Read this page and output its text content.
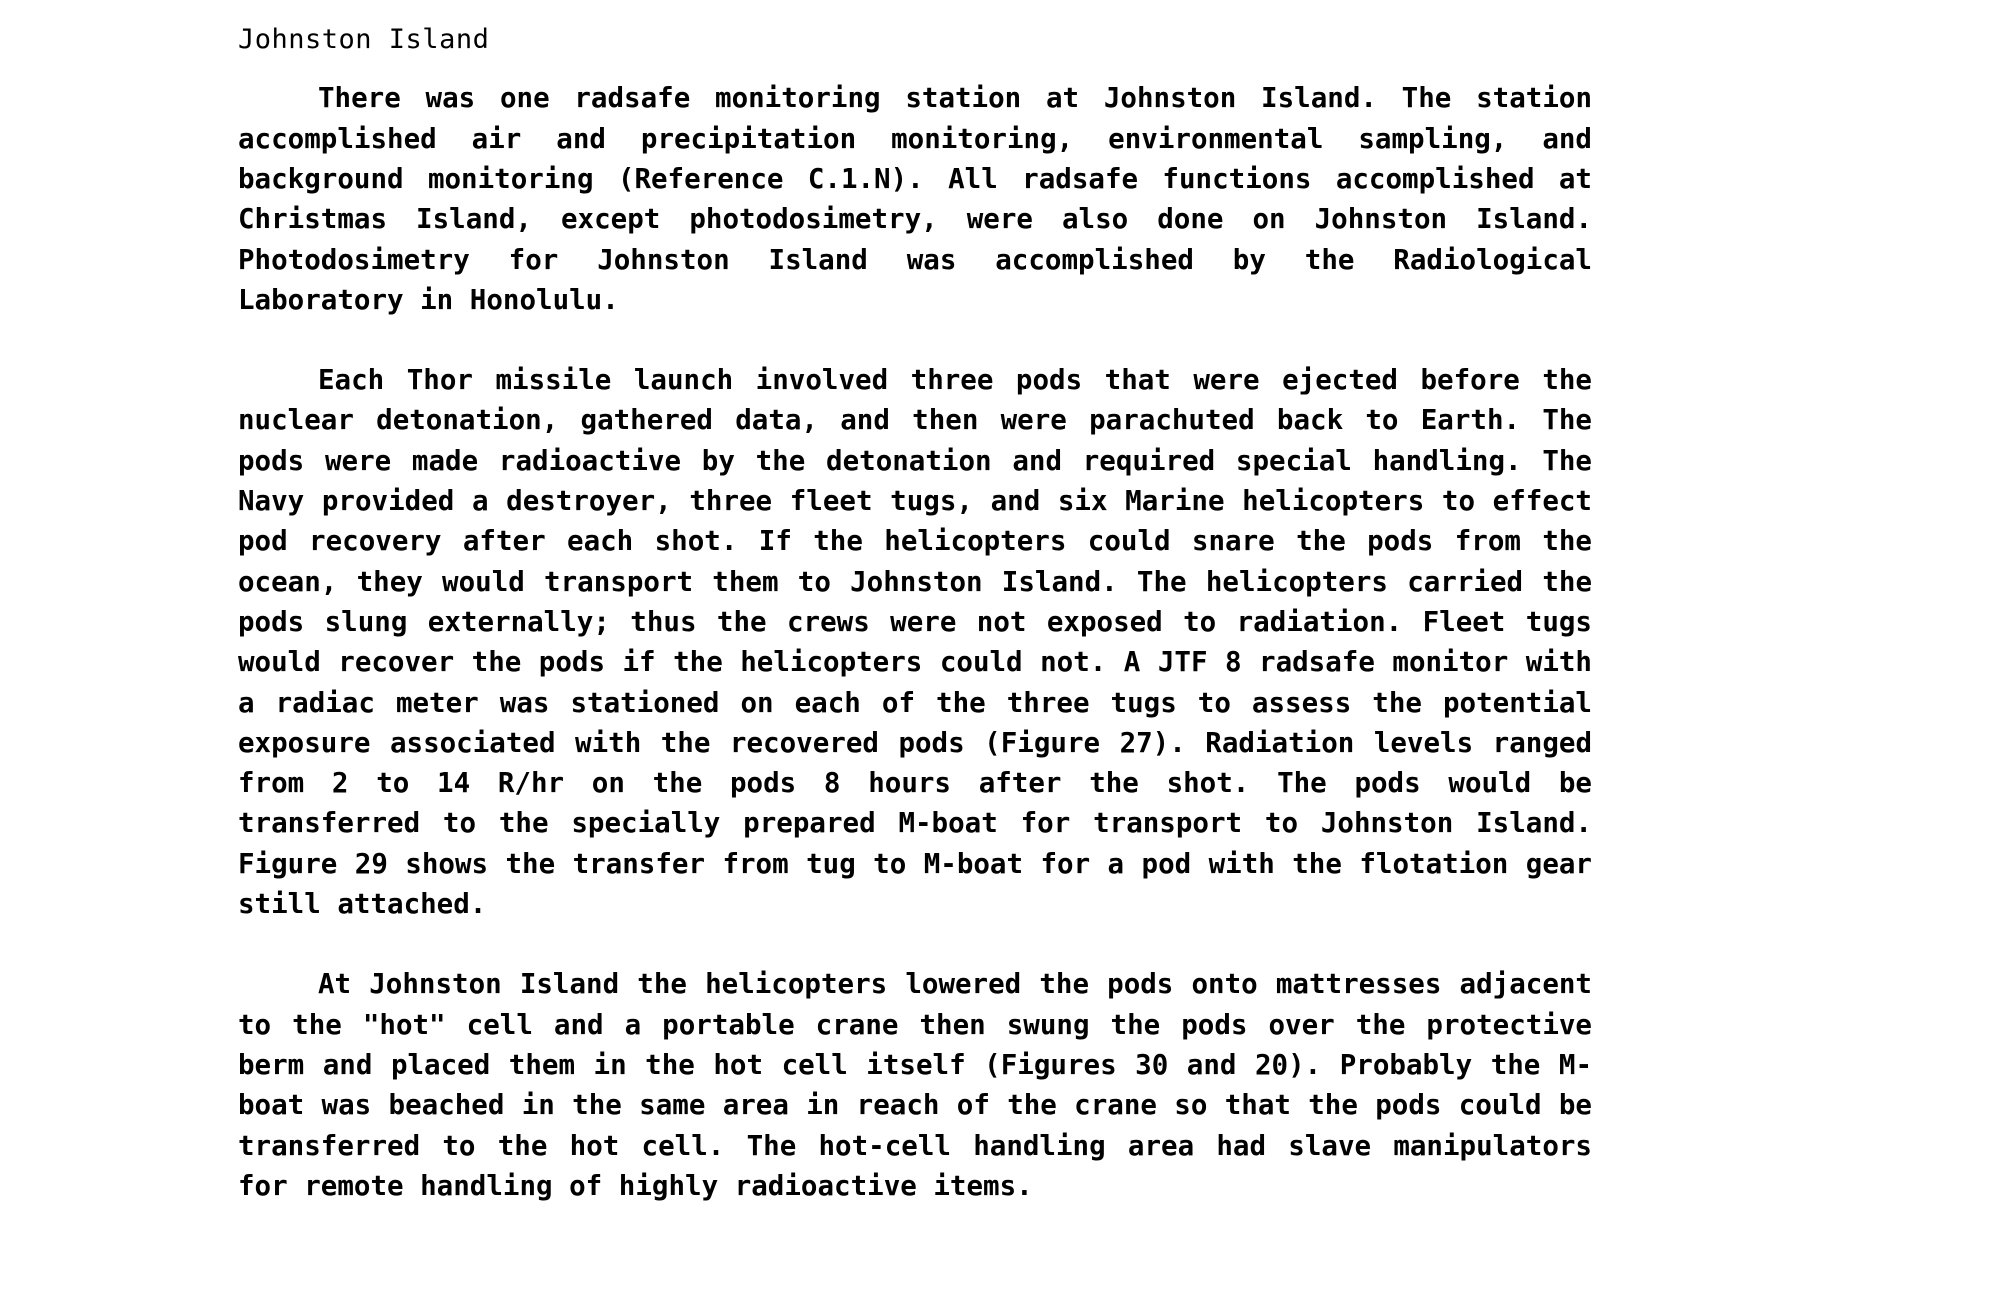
Johnston Island

There was one radsafe monitoring station at Johnston Island. The station accomplished air and precipitation monitoring, environmental sampling, and background monitoring (Reference C.1.N). All radsafe functions accomplished at Christmas Island, except photodosimetry, were also done on Johnston Island. Photodosimetry for Johnston Island was accomplished by the Radiological Laboratory in Honolulu.

Each Thor missile launch involved three pods that were ejected before the nuclear detonation, gathered data, and then were parachuted back to Earth. The pods were made radioactive by the detonation and required special handling. The Navy provided a destroyer, three fleet tugs, and six Marine helicopters to effect pod recovery after each shot. If the helicopters could snare the pods from the ocean, they would transport them to Johnston Island. The helicopters carried the pods slung externally; thus the crews were not exposed to radiation. Fleet tugs would recover the pods if the helicopters could not. A JTF 8 radsafe monitor with a radiac meter was stationed on each of the three tugs to assess the potential exposure associated with the recovered pods (Figure 27). Radiation levels ranged from 2 to 14 R/hr on the pods 8 hours after the shot. The pods would be transferred to the specially prepared M-boat for transport to Johnston Island. Figure 29 shows the transfer from tug to M-boat for a pod with the flotation gear still attached.

At Johnston Island the helicopters lowered the pods onto mattresses adjacent to the "hot" cell and a portable crane then swung the pods over the protective berm and placed them in the hot cell itself (Figures 30 and 20). Probably the M-boat was beached in the same area in reach of the crane so that the pods could be transferred to the hot cell. The hot-cell handling area had slave manipulators for remote handling of highly radioactive items.
